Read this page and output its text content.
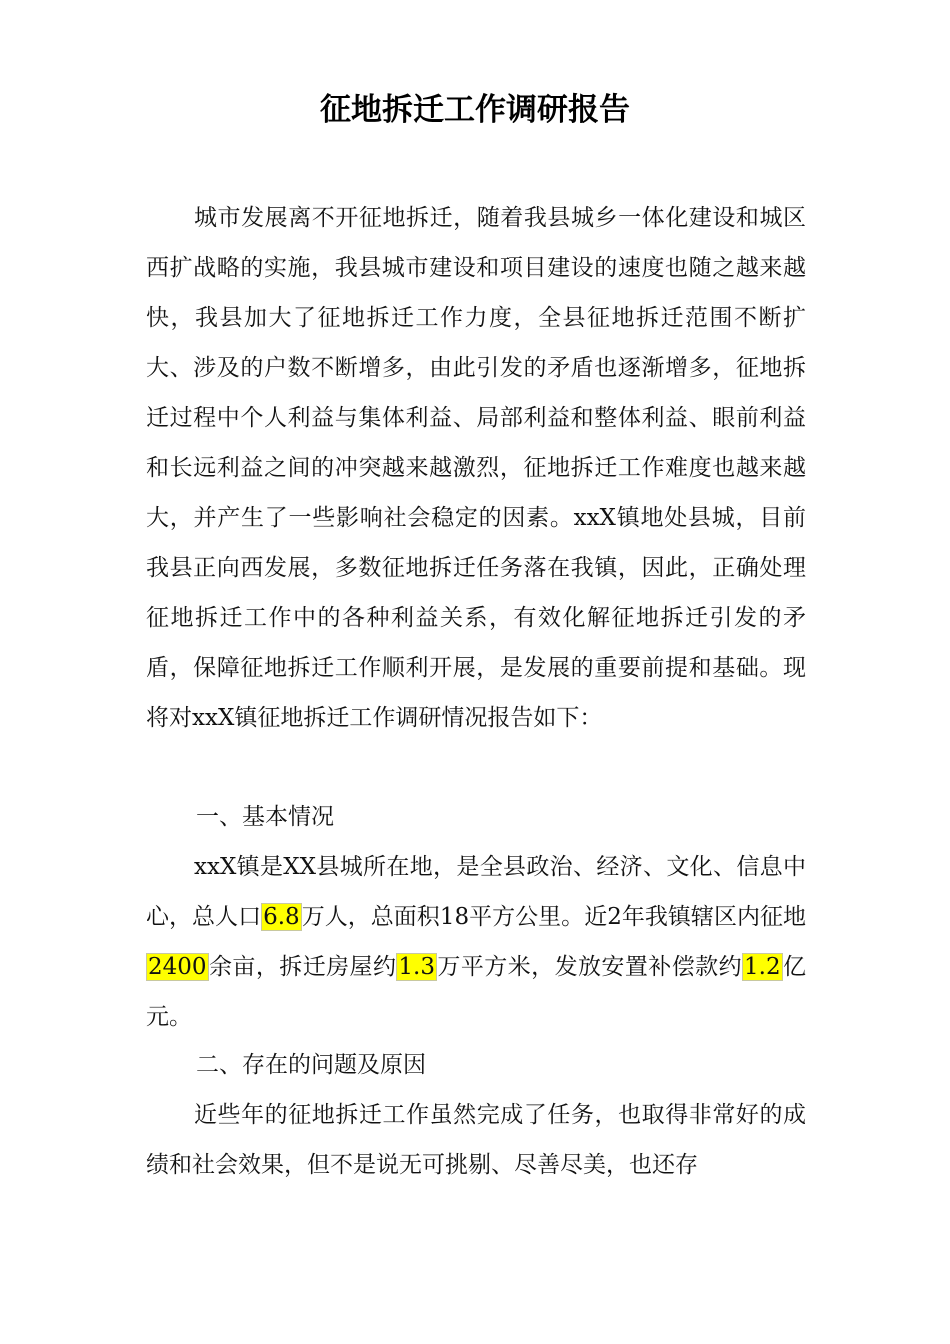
征地拆迁工作调研报告

城市发展离不开征地拆迁，随着我县城乡一体化建设和城区西扩战略的实施，我县城市建设和项目建设的速度也随之越来越快，我县加大了征地拆迁工作力度，全县征地拆迁范围不断扩大、涉及的户数不断增多，由此引发的矛盾也逐渐增多，征地拆迁过程中个人利益与集体利益、局部利益和整体利益、眼前利益和长远利益之间的冲突越来越激烈，征地拆迁工作难度也越来越大，并产生了一些影响社会稳定的因素。xxX镇地处县城，目前我县正向西发展，多数征地拆迁任务落在我镇，因此，正确处理征地拆迁工作中的各种利益关系，有效化解征地拆迁引发的矛盾，保障征地拆迁工作顺利开展，是发展的重要前提和基础。现将对xxX镇征地拆迁工作调研情况报告如下：

一、基本情况

xxX镇是XX县城所在地，是全县政治、经济、文化、信息中心，总人口6.8万人，总面积18平方公里。近2年我镇辖区内征地2400余亩，拆迁房屋约1.3万平方米，发放安置补偿款约1.2亿元。

二、存在的问题及原因

近些年的征地拆迁工作虽然完成了任务，也取得非常好的成绩和社会效果，但不是说无可挑剔、尽善尽美，也还存
